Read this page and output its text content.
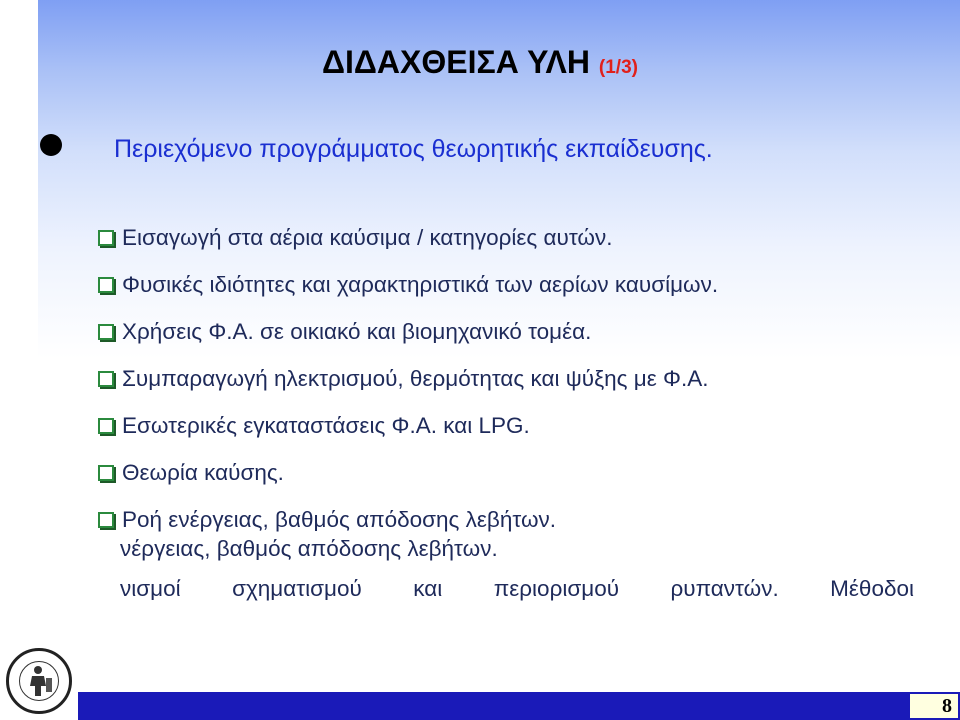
ΔΙΔΑΧΘΕΙΣΑ ΥΛΗ (1/3)
Περιεχόμενο προγράμματος θεωρητικής εκπαίδευσης.
Εισαγωγή στα αέρια καύσιμα / κατηγορίες αυτών.
Φυσικές ιδιότητες και χαρακτηριστικά των αερίων καυσίμων.
Χρήσεις Φ.Α. σε οικιακό και βιομηχανικό τομέα.
Συμπαραγωγή ηλεκτρισμού, θερμότητας και ψύξης με Φ.Α.
Εσωτερικές εγκαταστάσεις Φ.Α. και LPG.
Θεωρία καύσης.
Ροή ενέργειας, βαθμός απόδοσης λεβήτων.
νέργειας, βαθμός απόδοσης λεβήτων.
νισμοί σχηματισμού και περιορισμού ρυπαντών. Μέθοδοι
8
